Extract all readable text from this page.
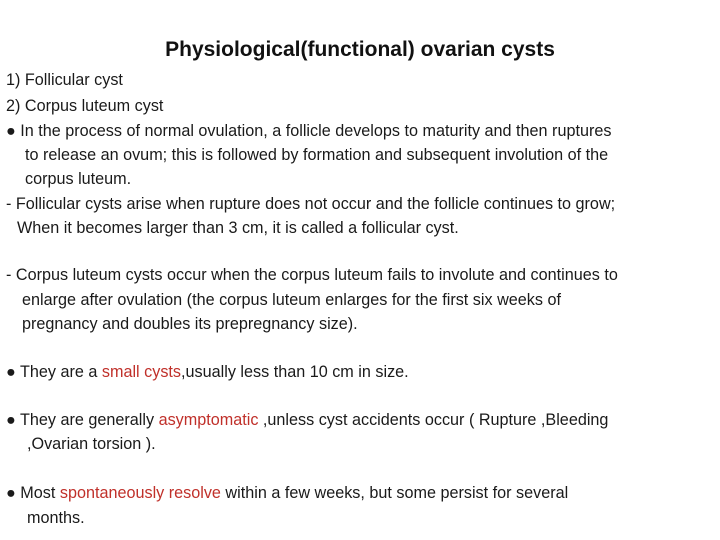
Physiological(functional) ovarian cysts
1) Follicular cyst
2) Corpus luteum cyst
● In the process of normal ovulation, a follicle develops to maturity and then ruptures
to release an ovum; this is followed by formation and subsequent involution of the
corpus luteum.
- Follicular cysts arise when rupture does not occur and the follicle continues to grow;
When it becomes larger than 3 cm, it is called a follicular cyst.
- Corpus luteum cysts occur when the corpus luteum fails to involute and continues to
enlarge after ovulation (the corpus luteum enlarges for the first six weeks of
pregnancy and doubles its prepregnancy size).
● They are a small cysts,usually less than 10 cm in size.
● They are generally asymptomatic ,unless cyst accidents occur ( Rupture ,Bleeding
,Ovarian torsion ).
● Most spontaneously resolve within a few weeks, but some persist for several
months.
